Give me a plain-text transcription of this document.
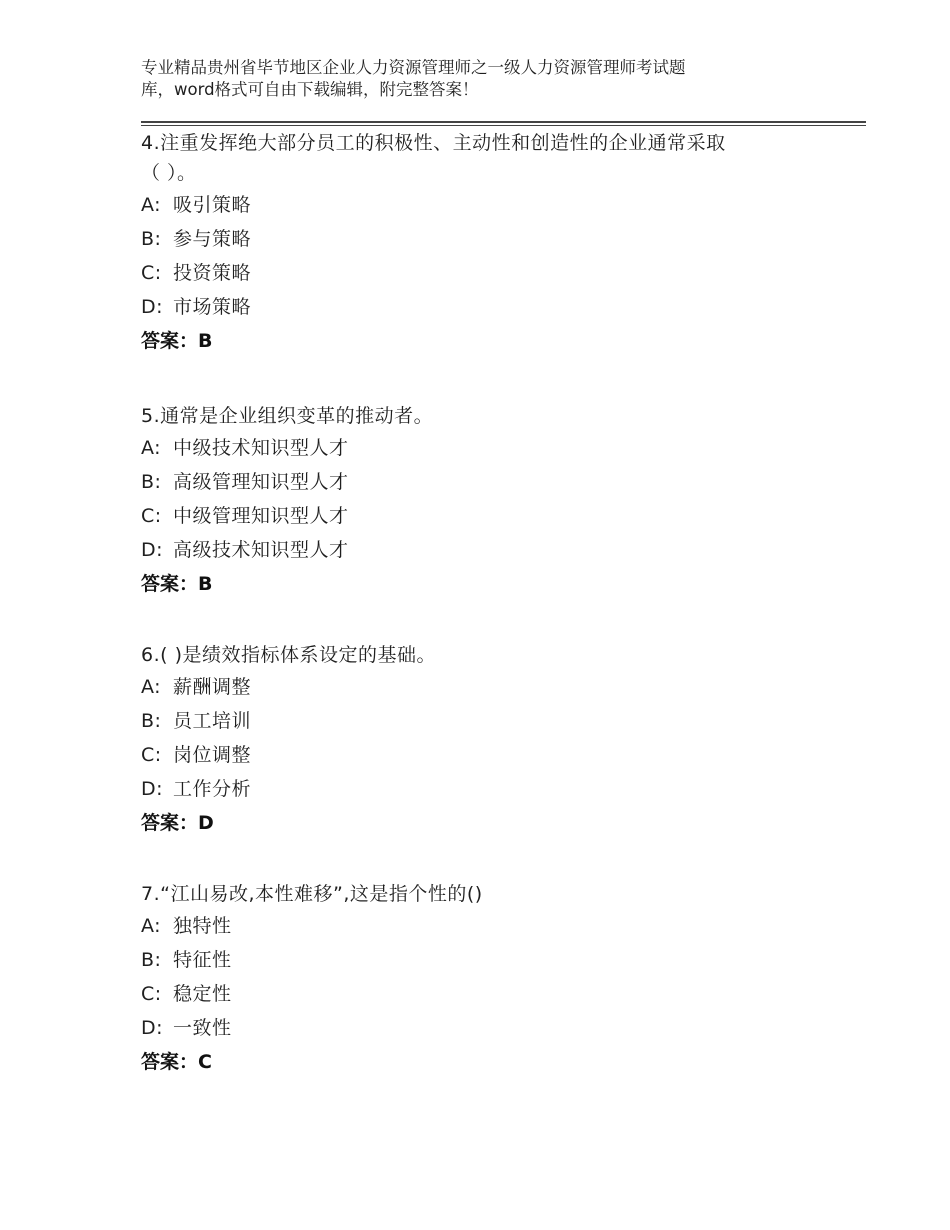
专业精品贵州省毕节地区企业人力资源管理师之一级人力资源管理师考试题
库，word格式可自由下载编辑，附完整答案！
4.注重发挥绝大部分员工的积极性、主动性和创造性的企业通常采取
（ ）。
A: 吸引策略
B: 参与策略
C: 投资策略
D: 市场策略
答案：B
5.通常是企业组织变革的推动者。
A: 中级技术知识型人才
B: 高级管理知识型人才
C: 中级管理知识型人才
D: 高级技术知识型人才
答案：B
6.( )是绩效指标体系设定的基础。
A: 薪酬调整
B: 员工培训
C: 岗位调整
D: 工作分析
答案：D
7.“江山易改,本性难移”,这是指个性的()
A: 独特性
B: 特征性
C: 稳定性
D: 一致性
答案：C
